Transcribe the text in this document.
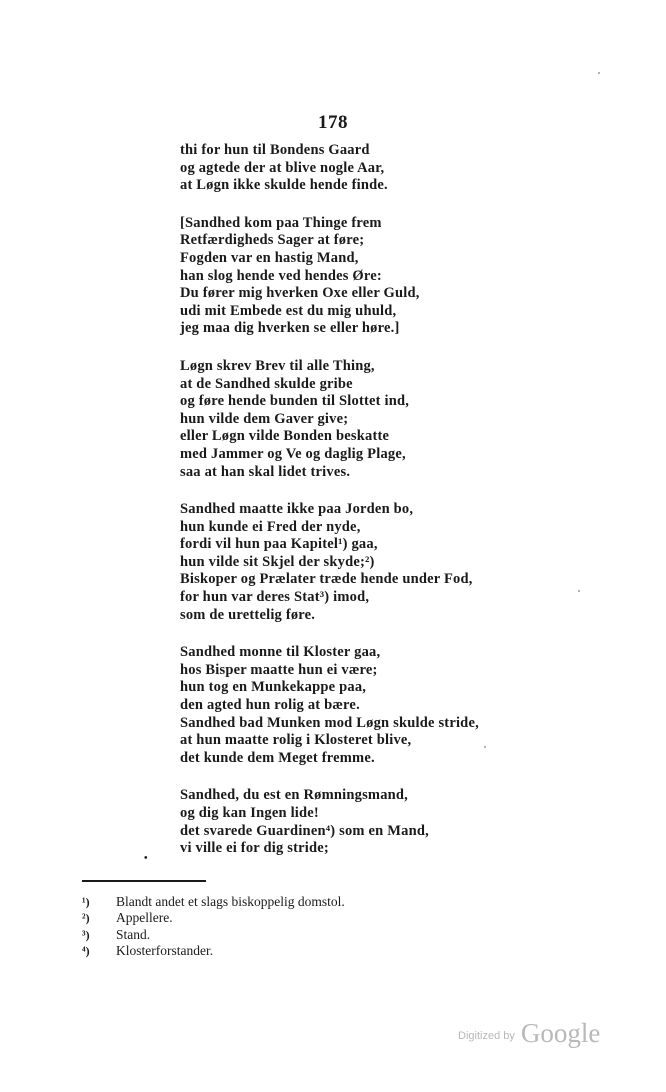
178
thi for hun til Bondens Gaard
og agtede der at blive nogle Aar,
at Løgn ikke skulde hende finde.
[Sandhed kom paa Thinge frem
Retfærdigheds Sager at føre;
Fogden var en hastig Mand,
han slog hende ved hendes Øre:
Du fører mig hverken Oxe eller Guld,
udi mit Embede est du mig uhuld,
jeg maa dig hverken se eller høre.]
Løgn skrev Brev til alle Thing,
at de Sandhed skulde gribe
og føre hende bunden til Slottet ind,
hun vilde dem Gaver give;
eller Løgn vilde Bonden beskatte
med Jammer og Ve og daglig Plage,
saa at han skal lidet trives.
Sandhed maatte ikke paa Jorden bo,
hun kunde ei Fred der nyde,
fordi vil hun paa Kapitel¹) gaa,
hun vilde sit Skjel der skyde;²)
Biskoper og Prælater træde hende under Fod,
for hun var deres Stat³) imod,
som de urettelig føre.
Sandhed monne til Kloster gaa,
hos Bisper maatte hun ei være;
hun tog en Munkekappe paa,
den agted hun rolig at bære.
Sandhed bad Munken mod Løgn skulde stride,
at hun maatte rolig i Klosteret blive,
det kunde dem Meget fremme.
Sandhed, du est en Rømningsmand,
og dig kan Ingen lide!
det svarede Guardinen⁴) som en Mand,
vi ville ei for dig stride;
•
¹) Blandt andet et slags biskoppelig domstol.
²) Appellere.
³) Stand.
⁴) Klosterforstander.
Digitized by Google
